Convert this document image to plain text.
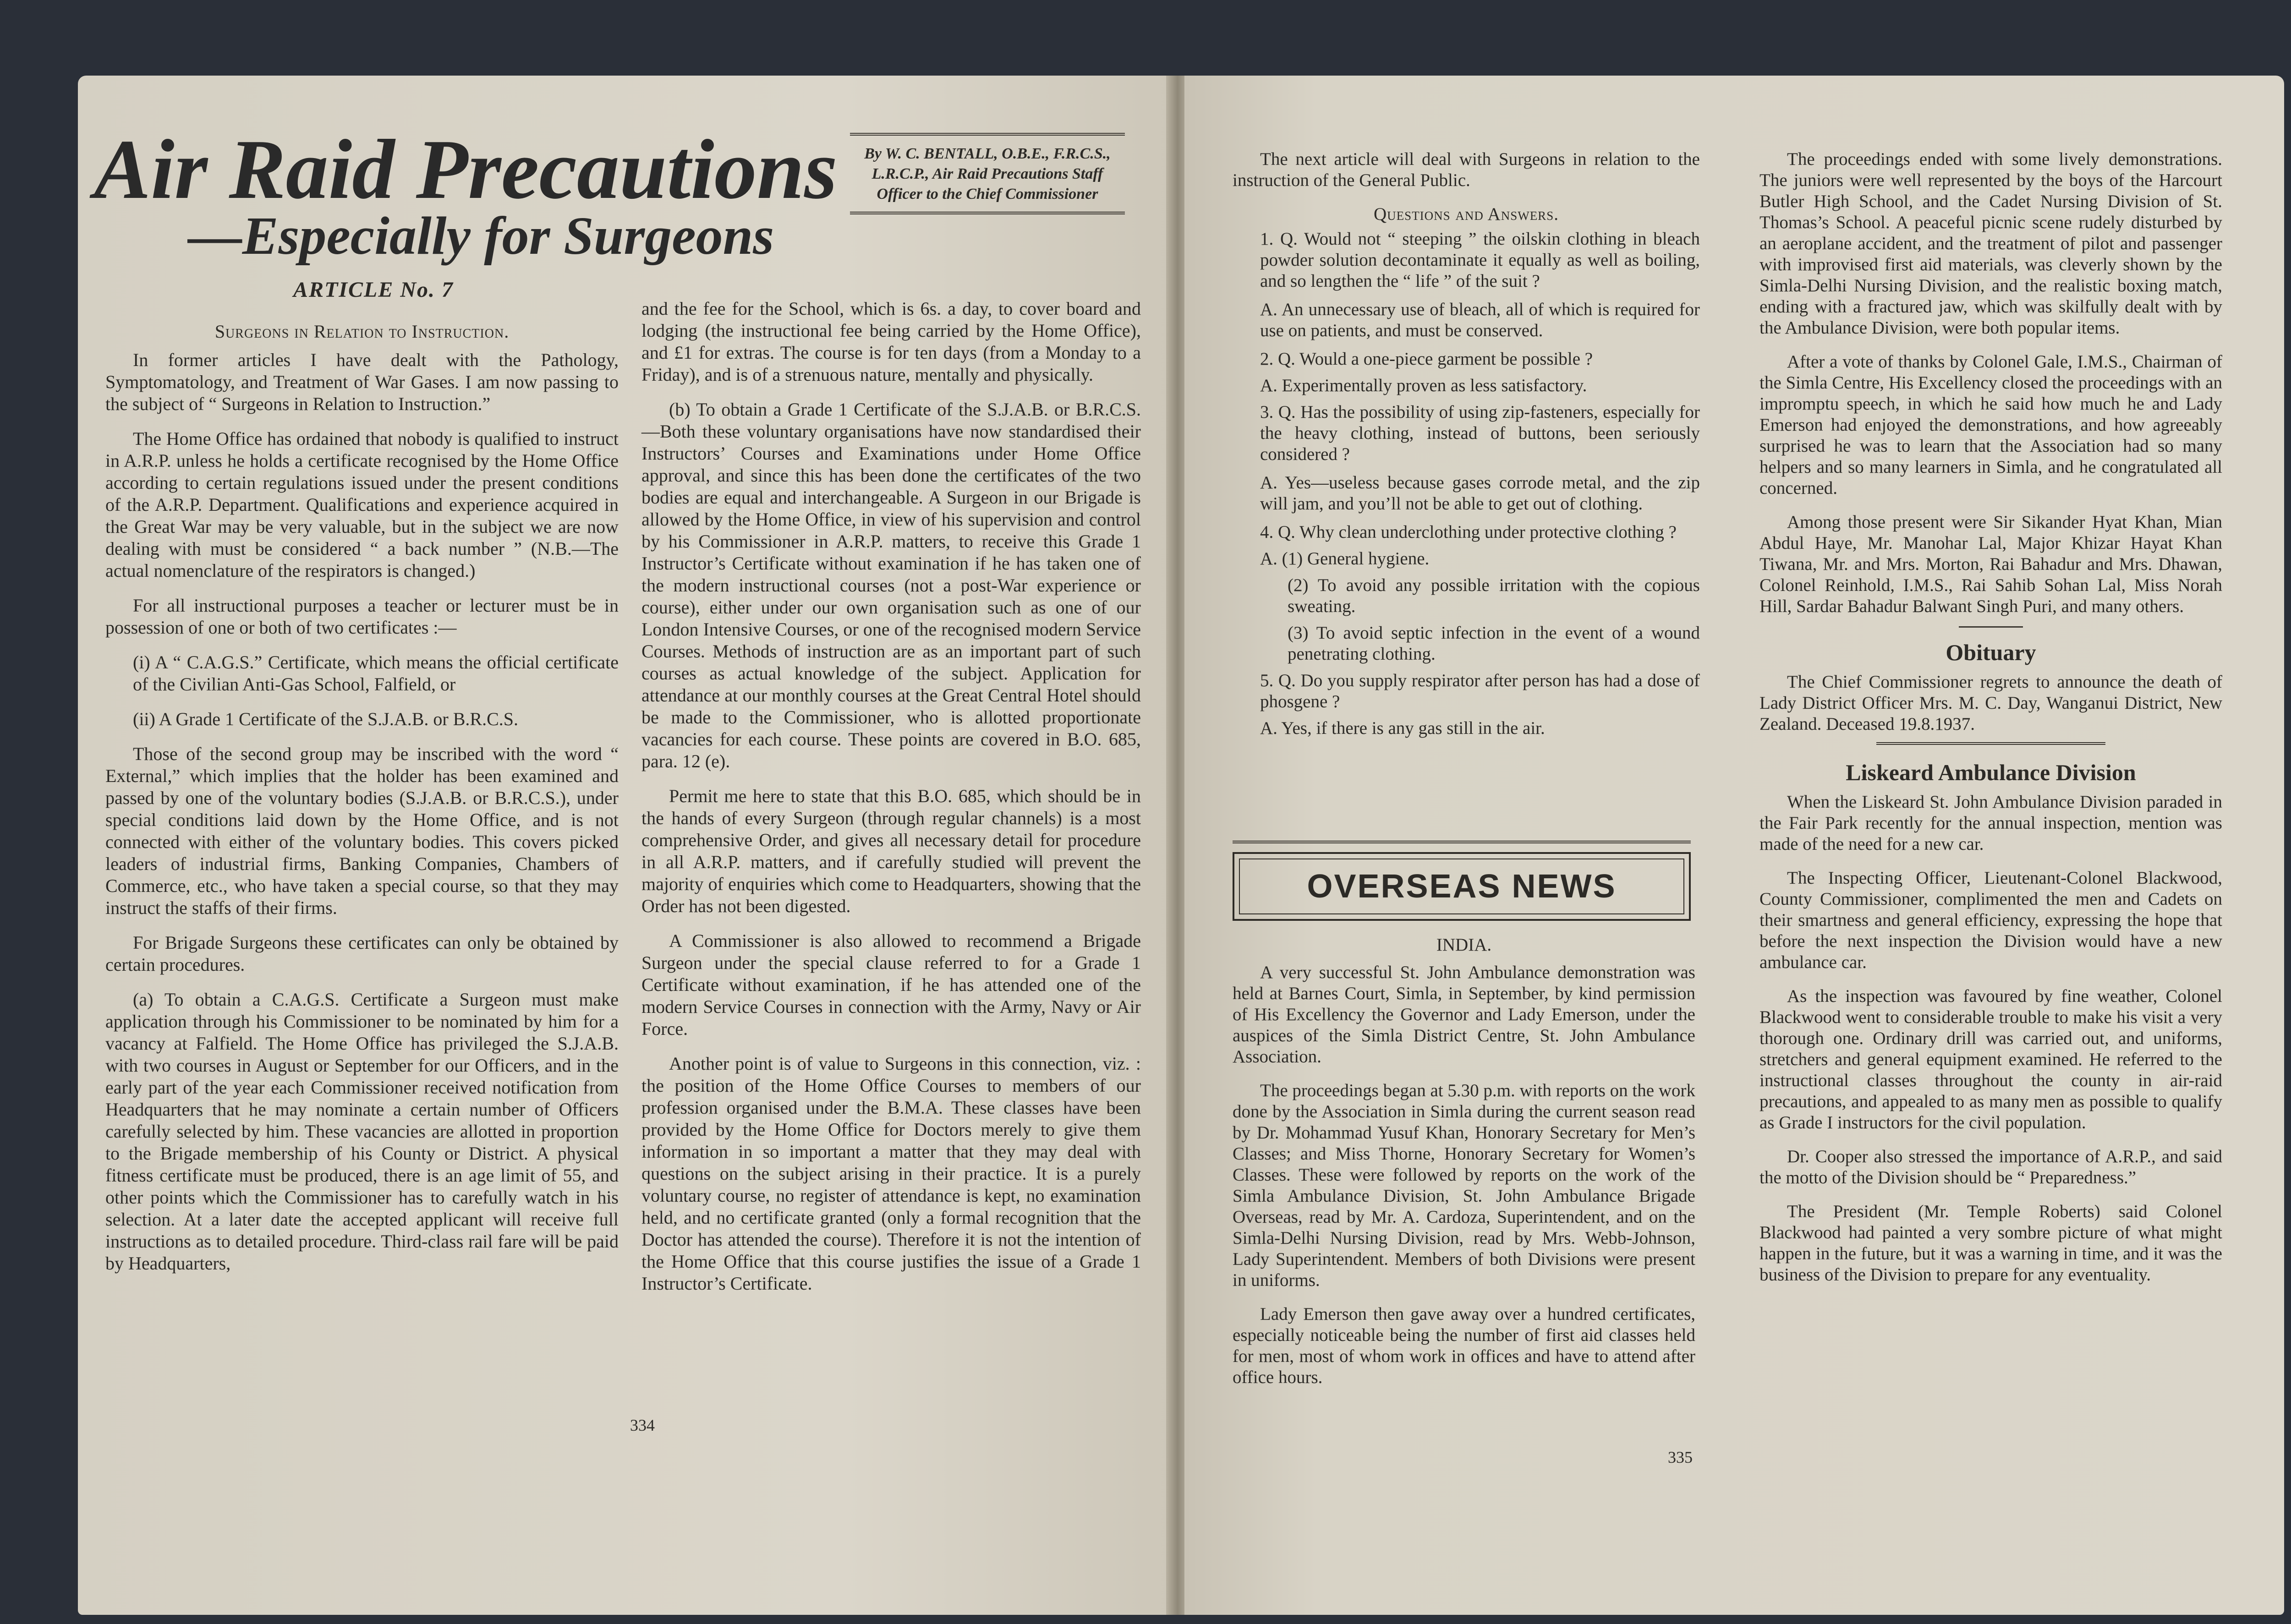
Air Raid Precautions
—Especially for Surgeons
By W. C. BENTALL, O.B.E., F.R.C.S., L.R.C.P., Air Raid Precautions Staff Officer to the Chief Commissioner
ARTICLE No. 7
Surgeons in Relation to Instruction.

In former articles I have dealt with the Pathology, Symptomatology, and Treatment of War Gases. I am now passing to the subject of “ Surgeons in Relation to Instruction.”

The Home Office has ordained that nobody is qualified to instruct in A.R.P. unless he holds a certificate recognised by the Home Office according to certain regulations issued under the present conditions of the A.R.P. Department. Qualifications and experience acquired in the Great War may be very valuable, but in the subject we are now dealing with must be considered “ a back number ” (N.B.—The actual nomenclature of the respirators is changed.)

For all instructional purposes a teacher or lecturer must be in possession of one or both of two certificates :—

(i) A “ C.A.G.S.” Certificate, which means the official certificate of the Civilian Anti-Gas School, Falfield, or

(ii) A Grade 1 Certificate of the S.J.A.B. or B.R.C.S.

Those of the second group may be inscribed with the word “ External,” which implies that the holder has been examined and passed by one of the voluntary bodies (S.J.A.B. or B.R.C.S.), under special conditions laid down by the Home Office, and is not connected with either of the voluntary bodies. This covers picked leaders of industrial firms, Banking Companies, Chambers of Commerce, etc., who have taken a special course, so that they may instruct the staffs of their firms.

For Brigade Surgeons these certificates can only be obtained by certain procedures.

(a) To obtain a C.A.G.S. Certificate a Surgeon must make application through his Commissioner to be nominated by him for a vacancy at Falfield. The Home Office has privileged the S.J.A.B. with two courses in August or September for our Officers, and in the early part of the year each Commissioner received notification from Headquarters that he may nominate a certain number of Officers carefully selected by him. These vacancies are allotted in proportion to the Brigade membership of his County or District. A physical fitness certificate must be produced, there is an age limit of 55, and other points which the Commissioner has to carefully watch in his selection. At a later date the accepted applicant will receive full instructions as to detailed procedure. Third-class rail fare will be paid by Headquarters,

and the fee for the School, which is 6s. a day, to cover board and lodging (the instructional fee being carried by the Home Office), and £1 for extras. The course is for ten days (from a Monday to a Friday), and is of a strenuous nature, mentally and physically.

(b) To obtain a Grade 1 Certificate of the S.J.A.B. or B.R.C.S.—Both these voluntary organisations have now standardised their Instructors’ Courses and Examinations under Home Office approval, and since this has been done the certificates of the two bodies are equal and interchangeable. A Surgeon in our Brigade is allowed by the Home Office, in view of his supervision and control by his Commissioner in A.R.P. matters, to receive this Grade 1 Instructor’s Certificate without examination if he has taken one of the modern instructional courses (not a post-War experience or course), either under our own organisation such as one of our London Intensive Courses, or one of the recognised modern Service Courses. Methods of instruction are as an important part of such courses as actual knowledge of the subject. Application for attendance at our monthly courses at the Great Central Hotel should be made to the Commissioner, who is allotted proportionate vacancies for each course. These points are covered in B.O. 685, para. 12 (e).

Permit me here to state that this B.O. 685, which should be in the hands of every Surgeon (through regular channels) is a most comprehensive Order, and gives all necessary detail for procedure in all A.R.P. matters, and if carefully studied will prevent the majority of enquiries which come to Headquarters, showing that the Order has not been digested.

A Commissioner is also allowed to recommend a Brigade Surgeon under the special clause referred to for a Grade 1 Certificate without examination, if he has attended one of the modern Service Courses in connection with the Army, Navy or Air Force.

Another point is of value to Surgeons in this connection, viz. : the position of the Home Office Courses to members of our profession organised under the B.M.A. These classes have been provided by the Home Office for Doctors merely to give them information in so important a matter that they may deal with questions on the subject arising in their practice. It is a purely voluntary course, no register of attendance is kept, no examination held, and no certificate granted (only a formal recognition that the Doctor has attended the course). Therefore it is not the intention of the Home Office that this course justifies the issue of a Grade 1 Instructor’s Certificate.

334

The next article will deal with Surgeons in relation to the instruction of the General Public.

Questions and Answers.

1. Q. Would not “ steeping ” the oilskin clothing in bleach powder solution decontaminate it equally as well as boiling, and so lengthen the “ life ” of the suit ?

A. An unnecessary use of bleach, all of which is required for use on patients, and must be conserved.

2. Q. Would a one-piece garment be possible ?

A. Experimentally proven as less satisfactory.

3. Q. Has the possibility of using zip-fasteners, especially for the heavy clothing, instead of buttons, been seriously considered ?

A. Yes—useless because gases corrode metal, and the zip will jam, and you’ll not be able to get out of clothing.

4. Q. Why clean underclothing under protective clothing ?

A. (1) General hygiene.

(2) To avoid any possible irritation with the copious sweating.

(3) To avoid septic infection in the event of a wound penetrating clothing.

5. Q. Do you supply respirator after person has had a dose of phosgene ?

A. Yes, if there is any gas still in the air.

OVERSEAS NEWS
INDIA.

A very successful St. John Ambulance demonstration was held at Barnes Court, Simla, in September, by kind permission of His Excellency the Governor and Lady Emerson, under the auspices of the Simla District Centre, St. John Ambulance Association.

The proceedings began at 5.30 p.m. with reports on the work done by the Association in Simla during the current season read by Dr. Mohammad Yusuf Khan, Honorary Secretary for Men’s Classes; and Miss Thorne, Honorary Secretary for Women’s Classes. These were followed by reports on the work of the Simla Ambulance Division, St. John Ambulance Brigade Overseas, read by Mr. A. Cardoza, Superintendent, and on the Simla-Delhi Nursing Division, read by Mrs. Webb-Johnson, Lady Superintendent. Members of both Divisions were present in uniforms.

Lady Emerson then gave away over a hundred certificates, especially noticeable being the number of first aid classes held for men, most of whom work in offices and have to attend after office hours.

The proceedings ended with some lively demonstrations. The juniors were well represented by the boys of the Harcourt Butler High School, and the Cadet Nursing Division of St. Thomas’s School. A peaceful picnic scene rudely disturbed by an aeroplane accident, and the treatment of pilot and passenger with improvised first aid materials, was cleverly shown by the Simla-Delhi Nursing Division, and the realistic boxing match, ending with a fractured jaw, which was skilfully dealt with by the Ambulance Division, were both popular items.

After a vote of thanks by Colonel Gale, I.M.S., Chairman of the Simla Centre, His Excellency closed the proceedings with an impromptu speech, in which he said how much he and Lady Emerson had enjoyed the demonstrations, and how agreeably surprised he was to learn that the Association had so many helpers and so many learners in Simla, and he congratulated all concerned.

Among those present were Sir Sikander Hyat Khan, Mian Abdul Haye, Mr. Manohar Lal, Major Khizar Hayat Khan Tiwana, Mr. and Mrs. Morton, Rai Bahadur and Mrs. Dhawan, Colonel Reinhold, I.M.S., Rai Sahib Sohan Lal, Miss Norah Hill, Sardar Bahadur Balwant Singh Puri, and many others.

Obituary

The Chief Commissioner regrets to announce the death of Lady District Officer Mrs. M. C. Day, Wanganui District, New Zealand. Deceased 19.8.1937.

Liskeard Ambulance Division

When the Liskeard St. John Ambulance Division paraded in the Fair Park recently for the annual inspection, mention was made of the need for a new car.

The Inspecting Officer, Lieutenant-Colonel Blackwood, County Commissioner, complimented the men and Cadets on their smartness and general efficiency, expressing the hope that before the next inspection the Division would have a new ambulance car.

As the inspection was favoured by fine weather, Colonel Blackwood went to considerable trouble to make his visit a very thorough one. Ordinary drill was carried out, and uniforms, stretchers and general equipment examined. He referred to the instructional classes throughout the county in air-raid precautions, and appealed to as many men as possible to qualify as Grade I instructors for the civil population.

Dr. Cooper also stressed the importance of A.R.P., and said the motto of the Division should be “ Preparedness.”

The President (Mr. Temple Roberts) said Colonel Blackwood had painted a very sombre picture of what might happen in the future, but it was a warning in time, and it was the business of the Division to prepare for any eventuality.

335
